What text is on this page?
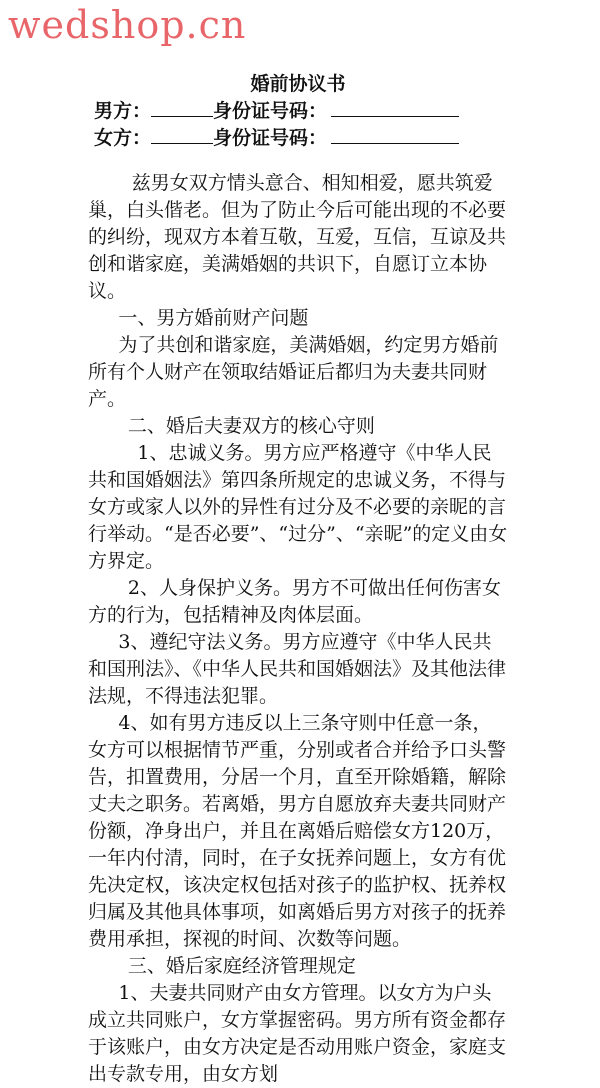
wedshop.cn
婚前协议书
男方：	身份证号码：
女方：	身份证号码：

兹男女双方情头意合、相知相爱，愿共筑爱巢，白头偕老。但为了防止今后可能出现的不必要的纠纷，现双方本着互敬，互爱，互信，互谅及共创和谐家庭，美满婚姻的共识下，自愿订立本协议。

一、男方婚前财产问题

为了共创和谐家庭，美满婚姻，约定男方婚前所有个人财产在领取结婚证后都归为夫妻共同财产。

二、婚后夫妻双方的核心守则

1、忠诚义务。男方应严格遵守《中华人民共和国婚姻法》第四条所规定的忠诚义务，不得与女方或家人以外的异性有过分及不必要的亲昵的言行举动。“是否必要”、“过分”、“亲昵”的定义由女方界定。

2、人身保护义务。男方不可做出任何伤害女方的行为，包括精神及肉体层面。

3、遵纪守法义务。男方应遵守《中华人民共和国刑法》、《中华人民共和国婚姻法》及其他法律法规，不得违法犯罪。

4、如有男方违反以上三条守则中任意一条，女方可以根据情节严重，分别或者合并给予口头警告，扣置费用，分居一个月，直至开除婚籍，解除丈夫之职务。若离婚，男方自愿放弃夫妻共同财产份额，净身出户，并且在离婚后赔偿女方120万，一年内付清，同时，在子女抚养问题上，女方有优先决定权，该决定权包括对孩子的监护权、抚养权归属及其他具体事项，如离婚后男方对孩子的抚养费用承担，探视的时间、次数等问题。

三、婚后家庭经济管理规定

1、夫妻共同财产由女方管理。以女方为户头成立共同账户，女方掌握密码。男方所有资金都存于该账户，由女方决定是否动用账户资金，家庭支出专款专用，由女方划
